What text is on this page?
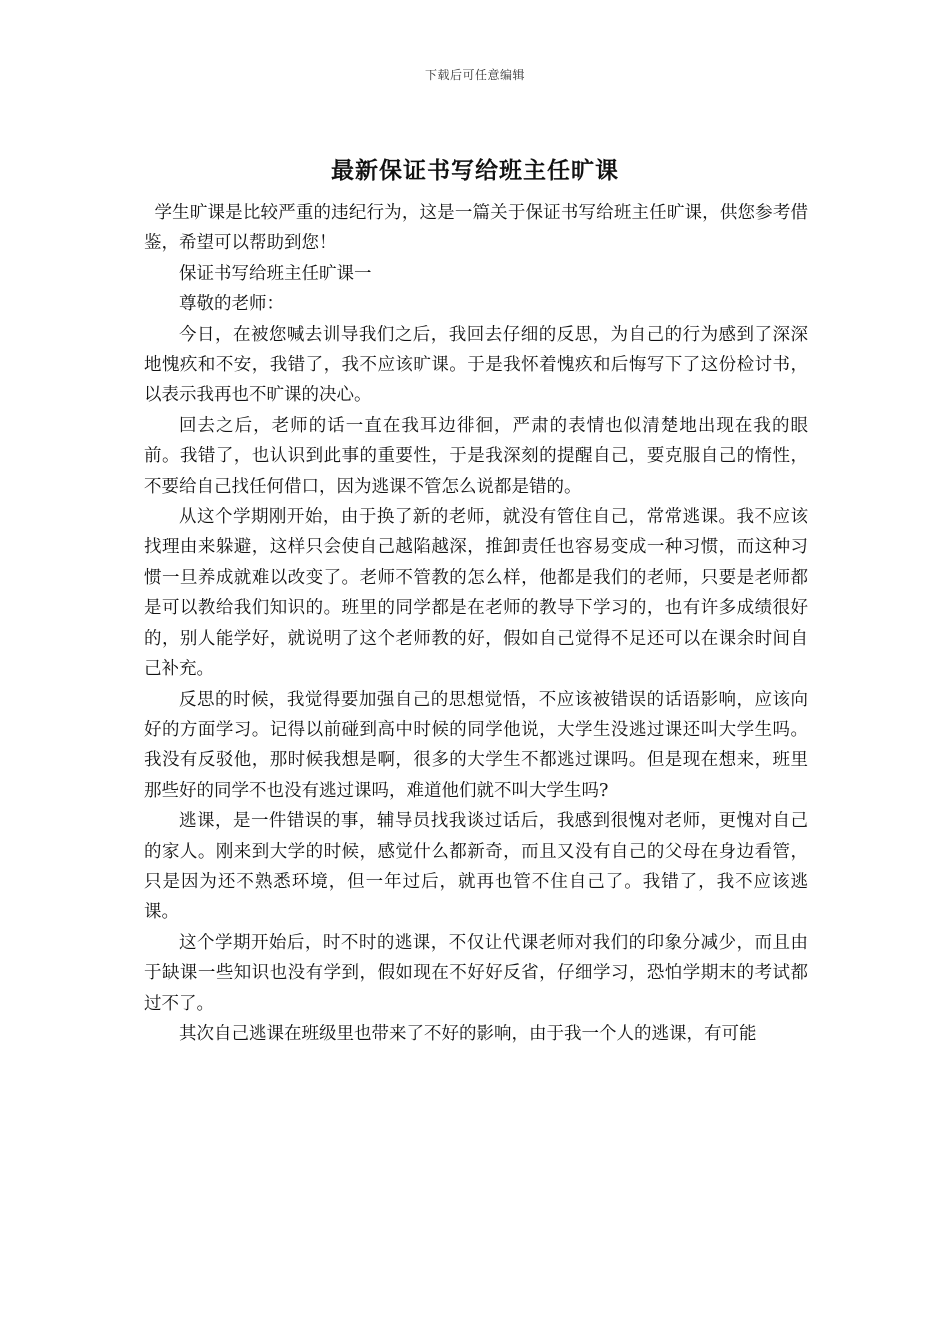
下载后可任意编辑
最新保证书写给班主任旷课

学生旷课是比较严重的违纪行为，这是一篇关于保证书写给班主任旷课，供您参考借鉴，希望可以帮助到您！

保证书写给班主任旷课一

尊敬的老师：

今日，在被您喊去训导我们之后，我回去仔细的反思，为自己的行为感到了深深地愧疚和不安，我错了，我不应该旷课。于是我怀着愧疚和后悔写下了这份检讨书，以表示我再也不旷课的决心。

回去之后，老师的话一直在我耳边徘徊，严肃的表情也似清楚地出现在我的眼前。我错了，也认识到此事的重要性，于是我深刻的提醒自己，要克服自己的惰性，不要给自己找任何借口，因为逃课不管怎么说都是错的。

从这个学期刚开始，由于换了新的老师，就没有管住自己，常常逃课。我不应该找理由来躲避，这样只会使自己越陷越深，推卸责任也容易变成一种习惯，而这种习惯一旦养成就难以改变了。老师不管教的怎么样，他都是我们的老师，只要是老师都是可以教给我们知识的。班里的同学都是在老师的教导下学习的，也有许多成绩很好的，别人能学好，就说明了这个老师教的好，假如自己觉得不足还可以在课余时间自己补充。

反思的时候，我觉得要加强自己的思想觉悟，不应该被错误的话语影响，应该向好的方面学习。记得以前碰到高中时候的同学他说，大学生没逃过课还叫大学生吗。我没有反驳他，那时候我想是啊，很多的大学生不都逃过课吗。但是现在想来，班里那些好的同学不也没有逃过课吗，难道他们就不叫大学生吗?

逃课，是一件错误的事，辅导员找我谈过话后，我感到很愧对老师，更愧对自己的家人。刚来到大学的时候，感觉什么都新奇，而且又没有自己的父母在身边看管，只是因为还不熟悉环境，但一年过后，就再也管不住自己了。我错了，我不应该逃课。

这个学期开始后，时不时的逃课，不仅让代课老师对我们的印象分减少，而且由于缺课一些知识也没有学到，假如现在不好好反省，仔细学习，恐怕学期末的考试都过不了。

其次自己逃课在班级里也带来了不好的影响，由于我一个人的逃课，有可能
